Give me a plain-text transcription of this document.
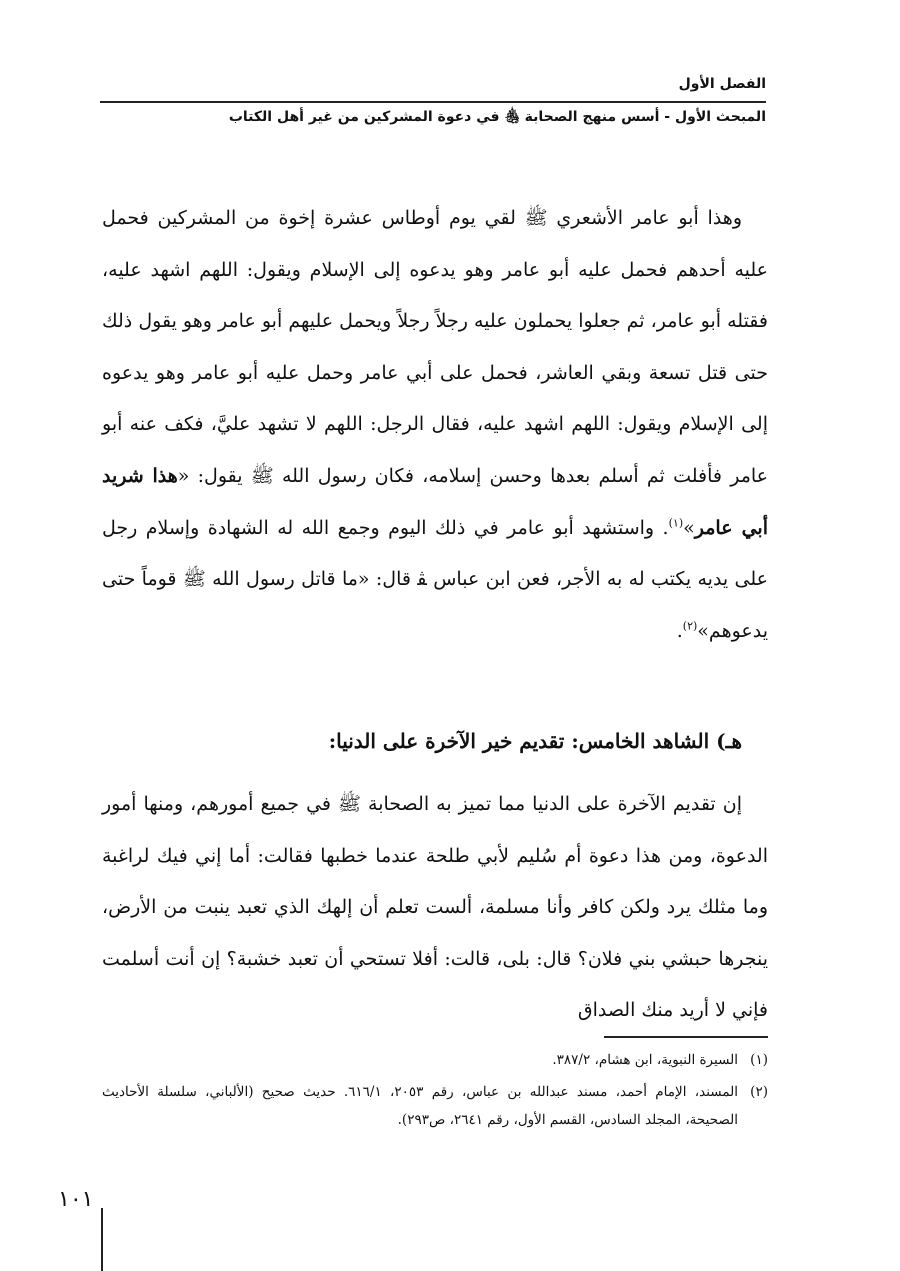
الفصل الأول
المبحث الأول - أسس منهج الصحابة ﵃ في دعوة المشركين من غير أهل الكتاب

وهذا أبو عامر الأشعري ﷺ لقي يوم أوطاس عشرة إخوة من المشركين فحمل عليه أحدهم فحمل عليه أبو عامر وهو يدعوه إلى الإسلام ويقول: اللهم اشهد عليه، فقتله أبو عامر، ثم جعلوا يحملون عليه رجلاً رجلاً ويحمل عليهم أبو عامر وهو يقول ذلك حتى قتل تسعة وبقي العاشر، فحمل على أبي عامر وحمل عليه أبو عامر وهو يدعوه إلى الإسلام ويقول: اللهم اشهد عليه، فقال الرجل: اللهم لا تشهد عليَّ، فكف عنه أبو عامر فأفلت ثم أسلم بعدها وحسن إسلامه، فكان رسول الله ﷺ يقول: «هذا شريد أبي عامر»$^{(١)}$. واستشهد أبو عامر في ذلك اليوم وجمع الله له الشهادة وإسلام رجل على يديه يكتب له به الأجر، فعن ابن عباس ﭭ قال: «ما قاتل رسول الله ﷺ قوماً حتى يدعوهم»$^{(٢)}$.

هـ) الشاهد الخامس: تقديم خير الآخرة على الدنيا:

إن تقديم الآخرة على الدنيا مما تميز به الصحابة ﷺ في جميع أمورهم، ومنها أمور الدعوة، ومن هذا دعوة أم سُليم لأبي طلحة عندما خطبها فقالت: أما إني فيك لراغبة وما مثلك يرد ولكن كافر وأنا مسلمة، ألست تعلم أن إلهك الذي تعبد ينبت من الأرض، ينجرها حبشي بني فلان؟ قال: بلى، قالت: أفلا تستحي أن تعبد خشبة؟ إن أنت أسلمت فإني لا أريد منك الصداق

(١)
السيرة النبوية، ابن هشام، ٣٨٧/٢.
(٢)
المسند، الإمام أحمد، مسند عبدالله بن عباس، رقم ٢٠٥٣، ٦١٦/١. حديث صحيح (الألباني، سلسلة الأحاديث الصحيحة، المجلد السادس، القسم الأول، رقم ٢٦٤١، ص٢٩٣).
١٠١
